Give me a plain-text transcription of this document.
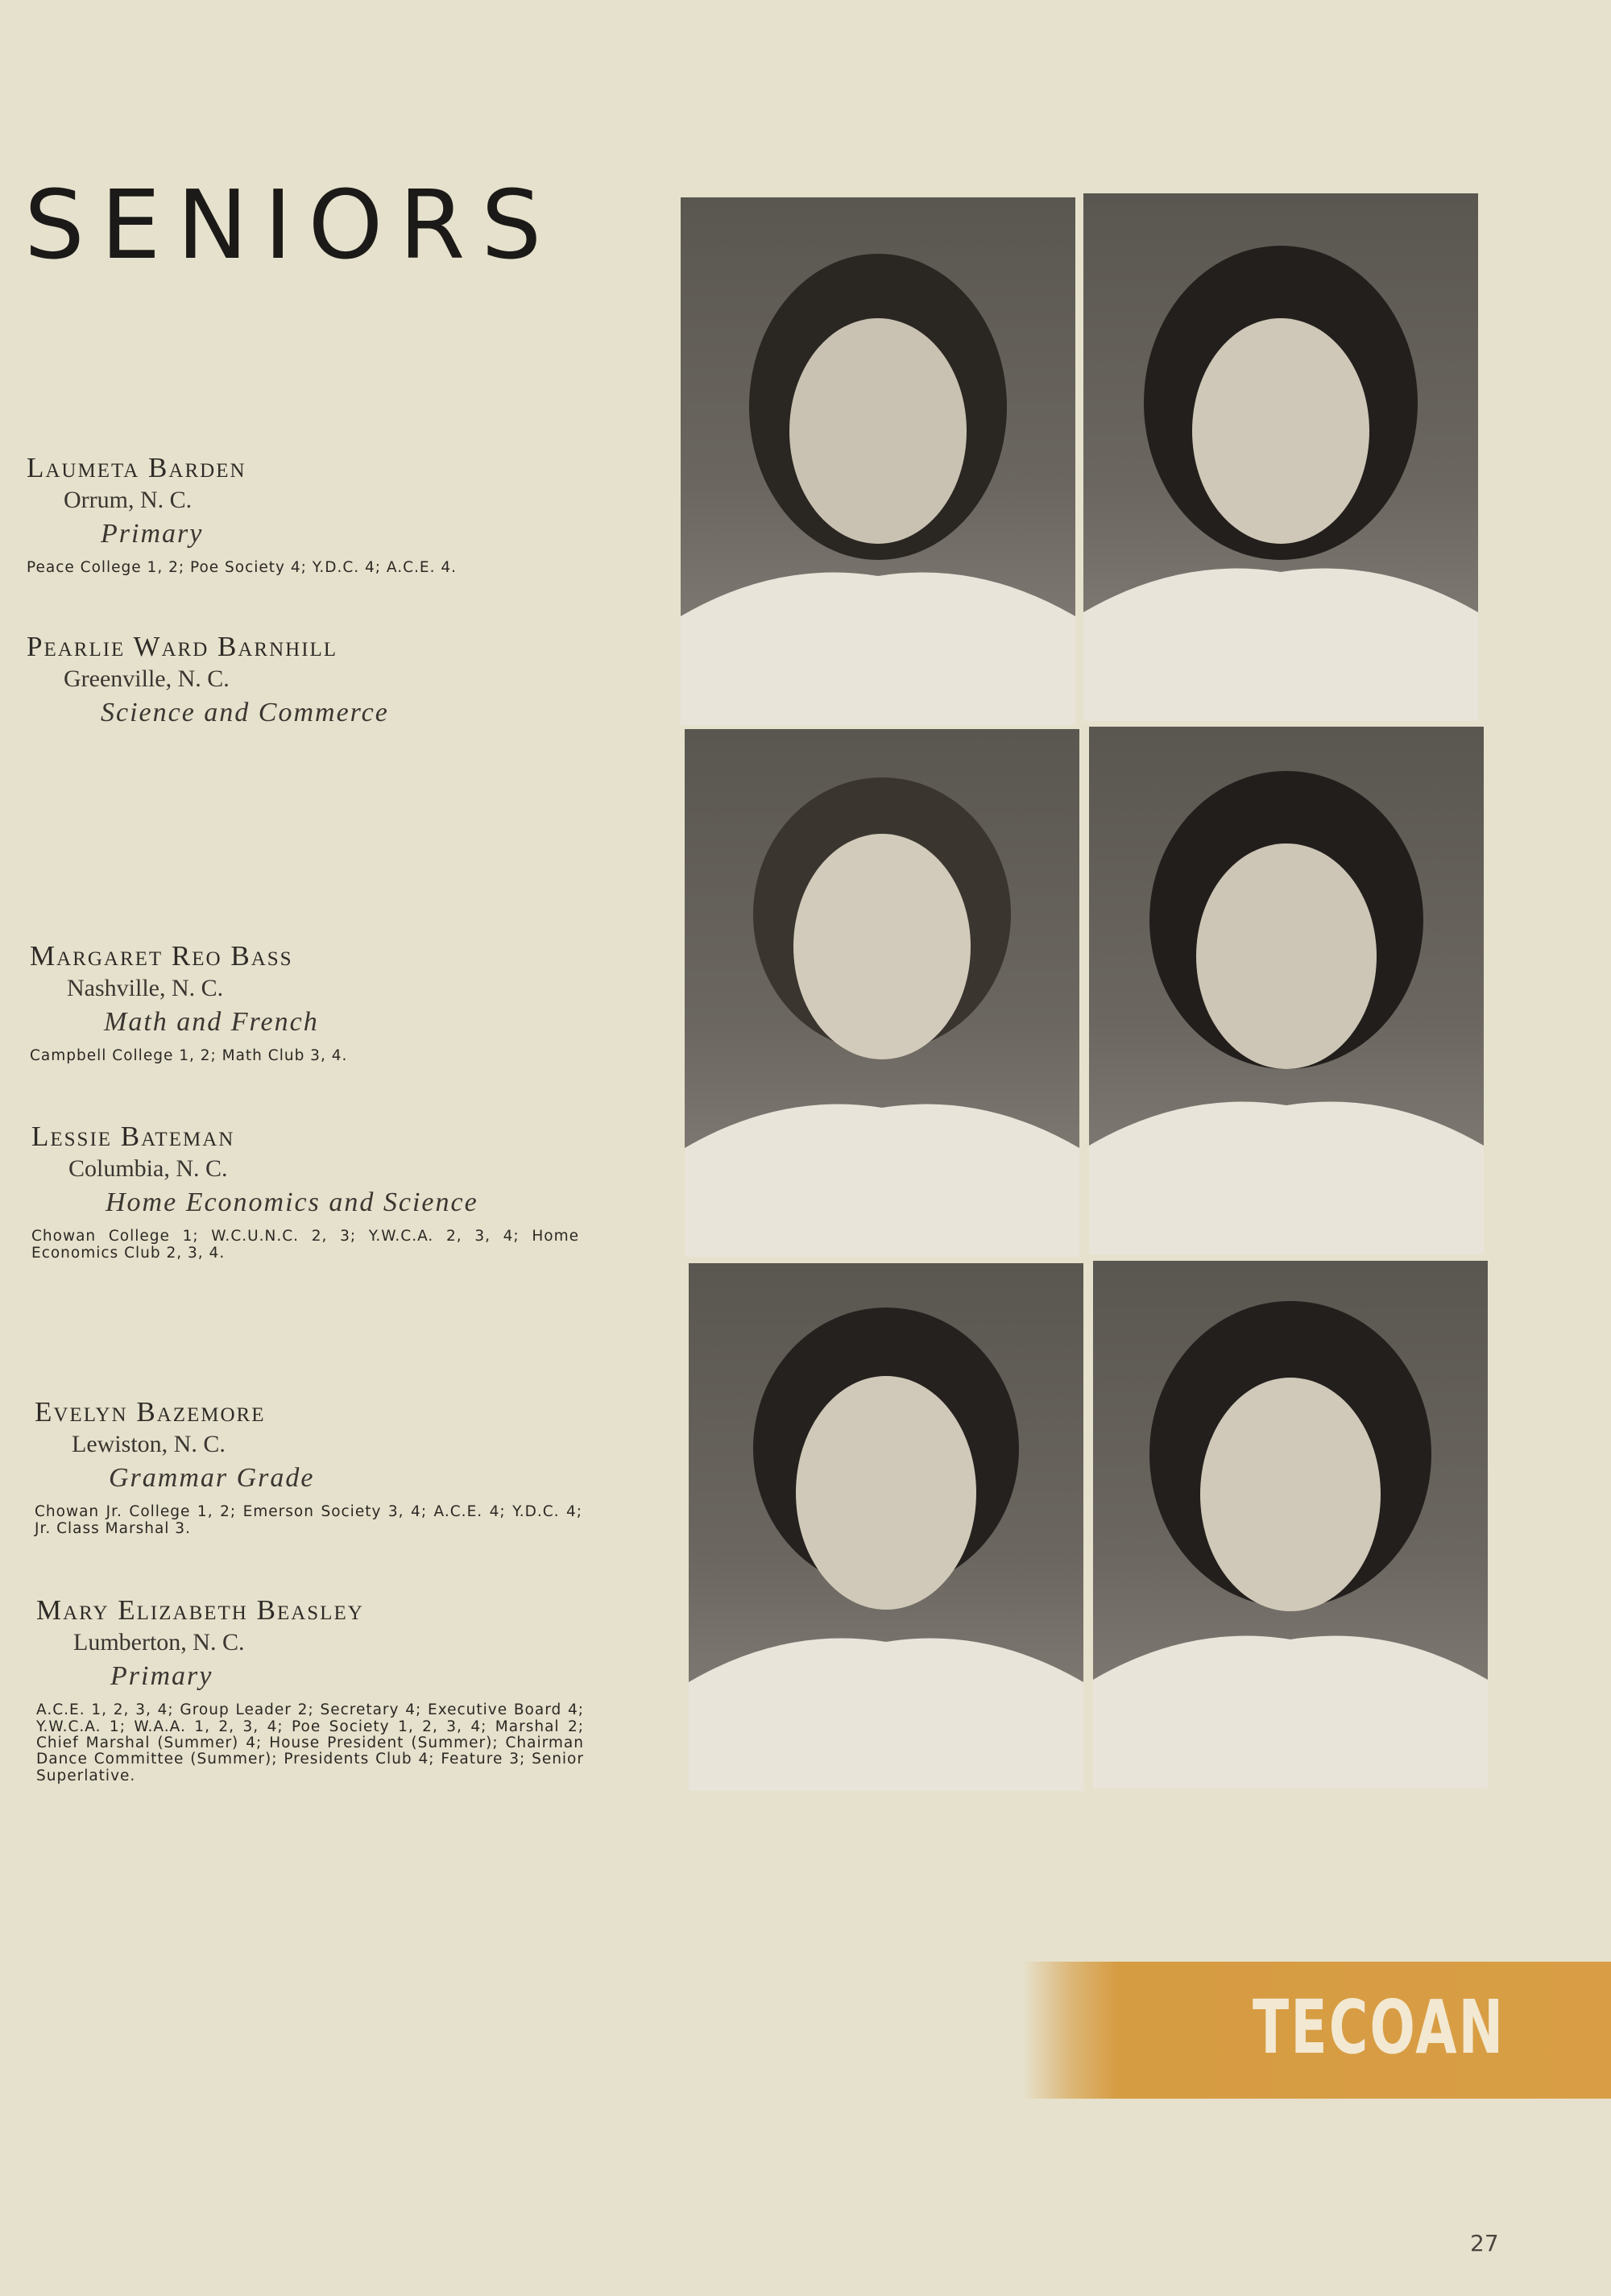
SENIORS
Laumeta Barden
Orrum, N. C.
Primary
Peace College 1, 2; Poe Society 4; Y.D.C. 4; A.C.E. 4.
Pearlie Ward Barnhill
Greenville, N. C.
Science and Commerce
Margaret Reo Bass
Nashville, N. C.
Math and French
Campbell College 1, 2; Math Club 3, 4.
Lessie Bateman
Columbia, N. C.
Home Economics and Science
Chowan College 1; W.C.U.N.C. 2, 3; Y.W.C.A. 2, 3, 4; Home Economics Club 2, 3, 4.
Evelyn Bazemore
Lewiston, N. C.
Grammar Grade
Chowan Jr. College 1, 2; Emerson Society 3, 4; A.C.E. 4; Y.D.C. 4; Jr. Class Marshal 3.
Mary Elizabeth Beasley
Lumberton, N. C.
Primary
A.C.E. 1, 2, 3, 4; Group Leader 2; Secretary 4; Executive Board 4; Y.W.C.A. 1; W.A.A. 1, 2, 3, 4; Poe Society 1, 2, 3, 4; Marshal 2; Chief Marshal (Summer) 4; House President (Summer); Chairman Dance Committee (Summer); Presidents Club 4; Feature 3; Senior Superlative.
TECOAN
27
